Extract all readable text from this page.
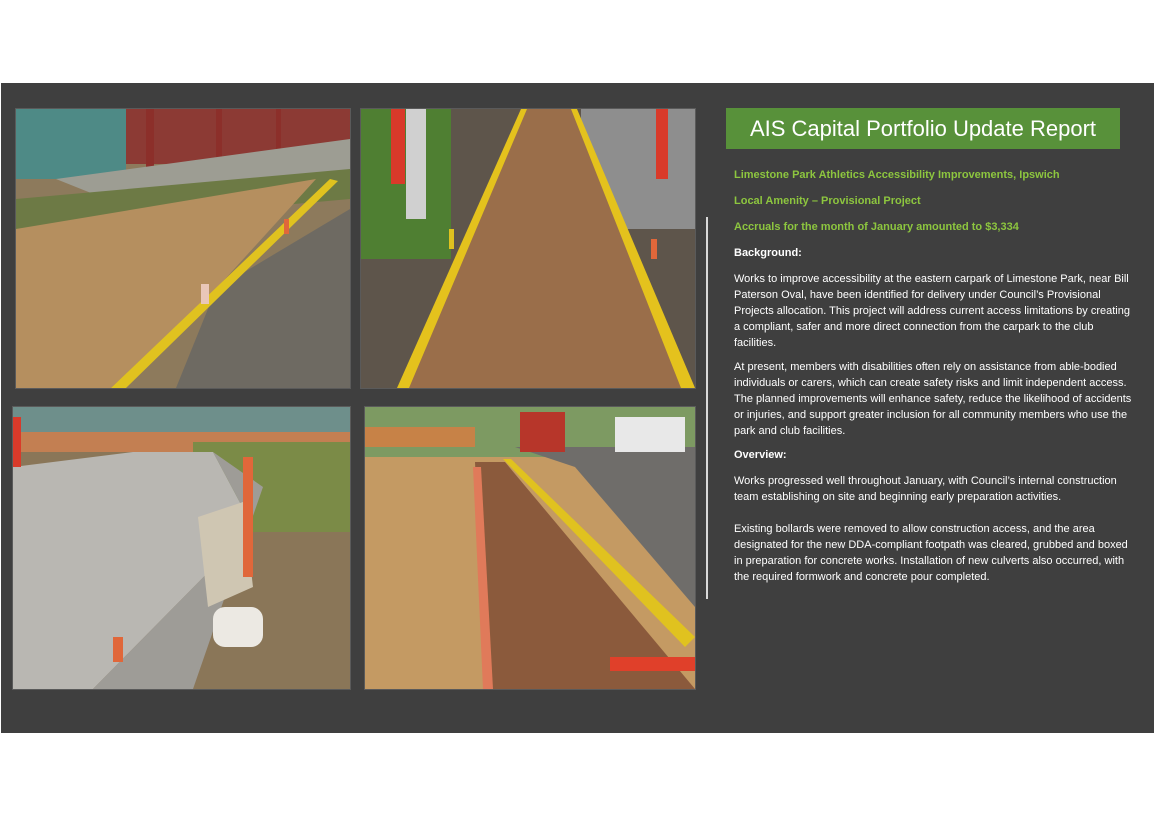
AIS Capital Portfolio Update Report

Limestone Park Athletics Accessibility Improvements, Ipswich

Local Amenity – Provisional Project

Accruals for the month of January amounted to $3,334

Background:

Works to improve accessibility at the eastern carpark of Limestone Park, near Bill Paterson Oval, have been identified for delivery under Council’s Provisional Projects allocation. This project will address current access limitations by creating a compliant, safer and more direct connection from the carpark to the club facilities.

At present, members with disabilities often rely on assistance from able-bodied individuals or carers, which can create safety risks and limit independent access. The planned improvements will enhance safety, reduce the likelihood of accidents or injuries, and support greater inclusion for all community members who use the park and club facilities.

Overview:

Works progressed well throughout January, with Council’s internal construction team establishing on site and beginning early preparation activities.

Existing bollards were removed to allow construction access, and the area designated for the new DDA-compliant footpath was cleared, grubbed and boxed in preparation for concrete works. Installation of new culverts also occurred, with the required formwork and concrete pour completed.
